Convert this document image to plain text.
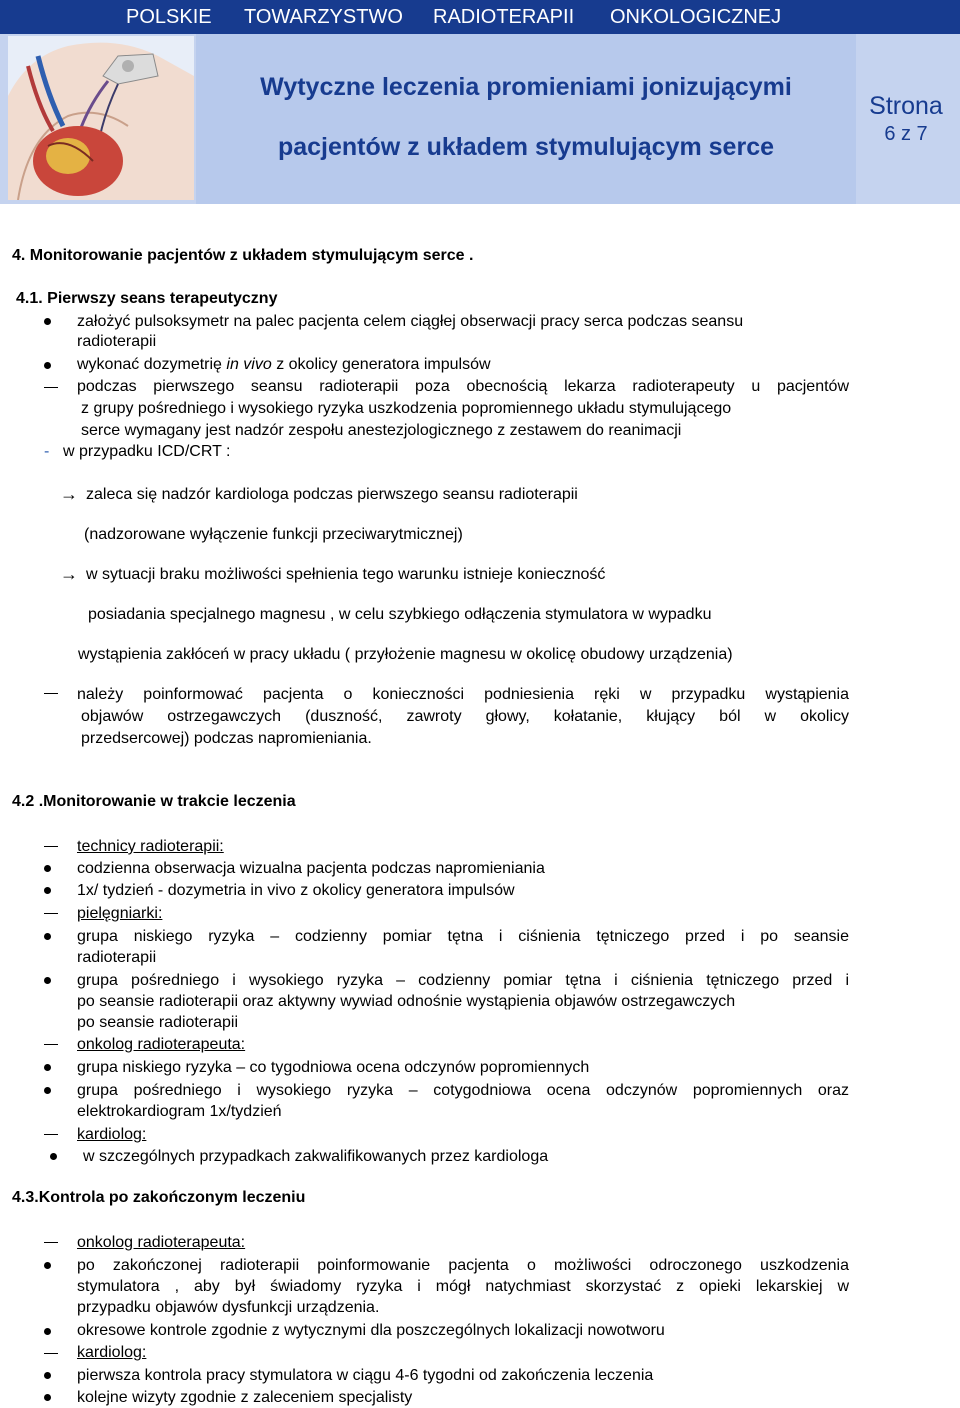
POLSKIE TOWARZYSTWO RADIOTERAPII ONKOLOGICZNEJ
Wytyczne leczenia promieniami jonizującymi
pacjentów z układem stymulującym serce
Strona
6 z 7
4. Monitorowanie pacjentów z układem stymulującym serce .
4.1. Pierwszy seans terapeutyczny
założyć pulsoksymetr na palec pacjenta celem ciągłej obserwacji pracy serca podczas seansu
radioterapii
wykonać dozymetrię in vivo z okolicy generatora impulsów
podczas pierwszego seansu radioterapii poza obecnością lekarza radioterapeuty u pacjentów
z grupy pośredniego i wysokiego ryzyka uszkodzenia popromiennego układu stymulującego
serce wymagany jest nadzór zespołu anestezjologicznego z zestawem do reanimacji
- w przypadku ICD/CRT :
→ zaleca się nadzór kardiologa podczas pierwszego seansu radioterapii
(nadzorowane wyłączenie funkcji przeciwarytmicznej)
→ w sytuacji braku możliwości spełnienia tego warunku istnieje konieczność
posiadania specjalnego magnesu , w celu szybkiego odłączenia stymulatora w wypadku
wystąpienia zakłóceń w pracy układu ( przyłożenie magnesu w okolicę obudowy urządzenia)
należy poinformować pacjenta o konieczności podniesienia ręki w przypadku wystąpienia
objawów ostrzegawczych (duszność, zawroty głowy, kołatanie, kłujący ból w okolicy
przedsercowej) podczas napromieniania.
4.2 .Monitorowanie w trakcie leczenia
technicy radioterapii:
codzienna obserwacja wizualna pacjenta podczas napromieniania
1x/ tydzień - dozymetria in vivo z okolicy generatora impulsów
pielęgniarki:
grupa niskiego ryzyka – codzienny pomiar tętna i ciśnienia tętniczego przed i po seansie
radioterapii
grupa pośredniego i wysokiego ryzyka – codzienny pomiar tętna i ciśnienia tętniczego przed i
po seansie radioterapii oraz aktywny wywiad odnośnie wystąpienia objawów ostrzegawczych
po seansie radioterapii
onkolog radioterapeuta:
grupa niskiego ryzyka – co tygodniowa ocena odczynów popromiennych
grupa pośredniego i wysokiego ryzyka – cotygodniowa ocena odczynów popromiennych oraz
elektrokardiogram 1x/tydzień
kardiolog:
w szczególnych przypadkach zakwalifikowanych przez kardiologa
4.3.Kontrola po zakończonym leczeniu
onkolog radioterapeuta:
po zakończonej radioterapii poinformowanie pacjenta o możliwości odroczonego uszkodzenia
stymulatora , aby był świadomy ryzyka i mógł natychmiast skorzystać z opieki lekarskiej w
przypadku objawów dysfunkcji urządzenia.
okresowe kontrole zgodnie z wytycznymi dla poszczególnych lokalizacji nowotworu
kardiolog:
pierwsza kontrola pracy stymulatora w ciągu 4-6 tygodni od zakończenia leczenia
kolejne wizyty zgodnie z zaleceniem specjalisty
